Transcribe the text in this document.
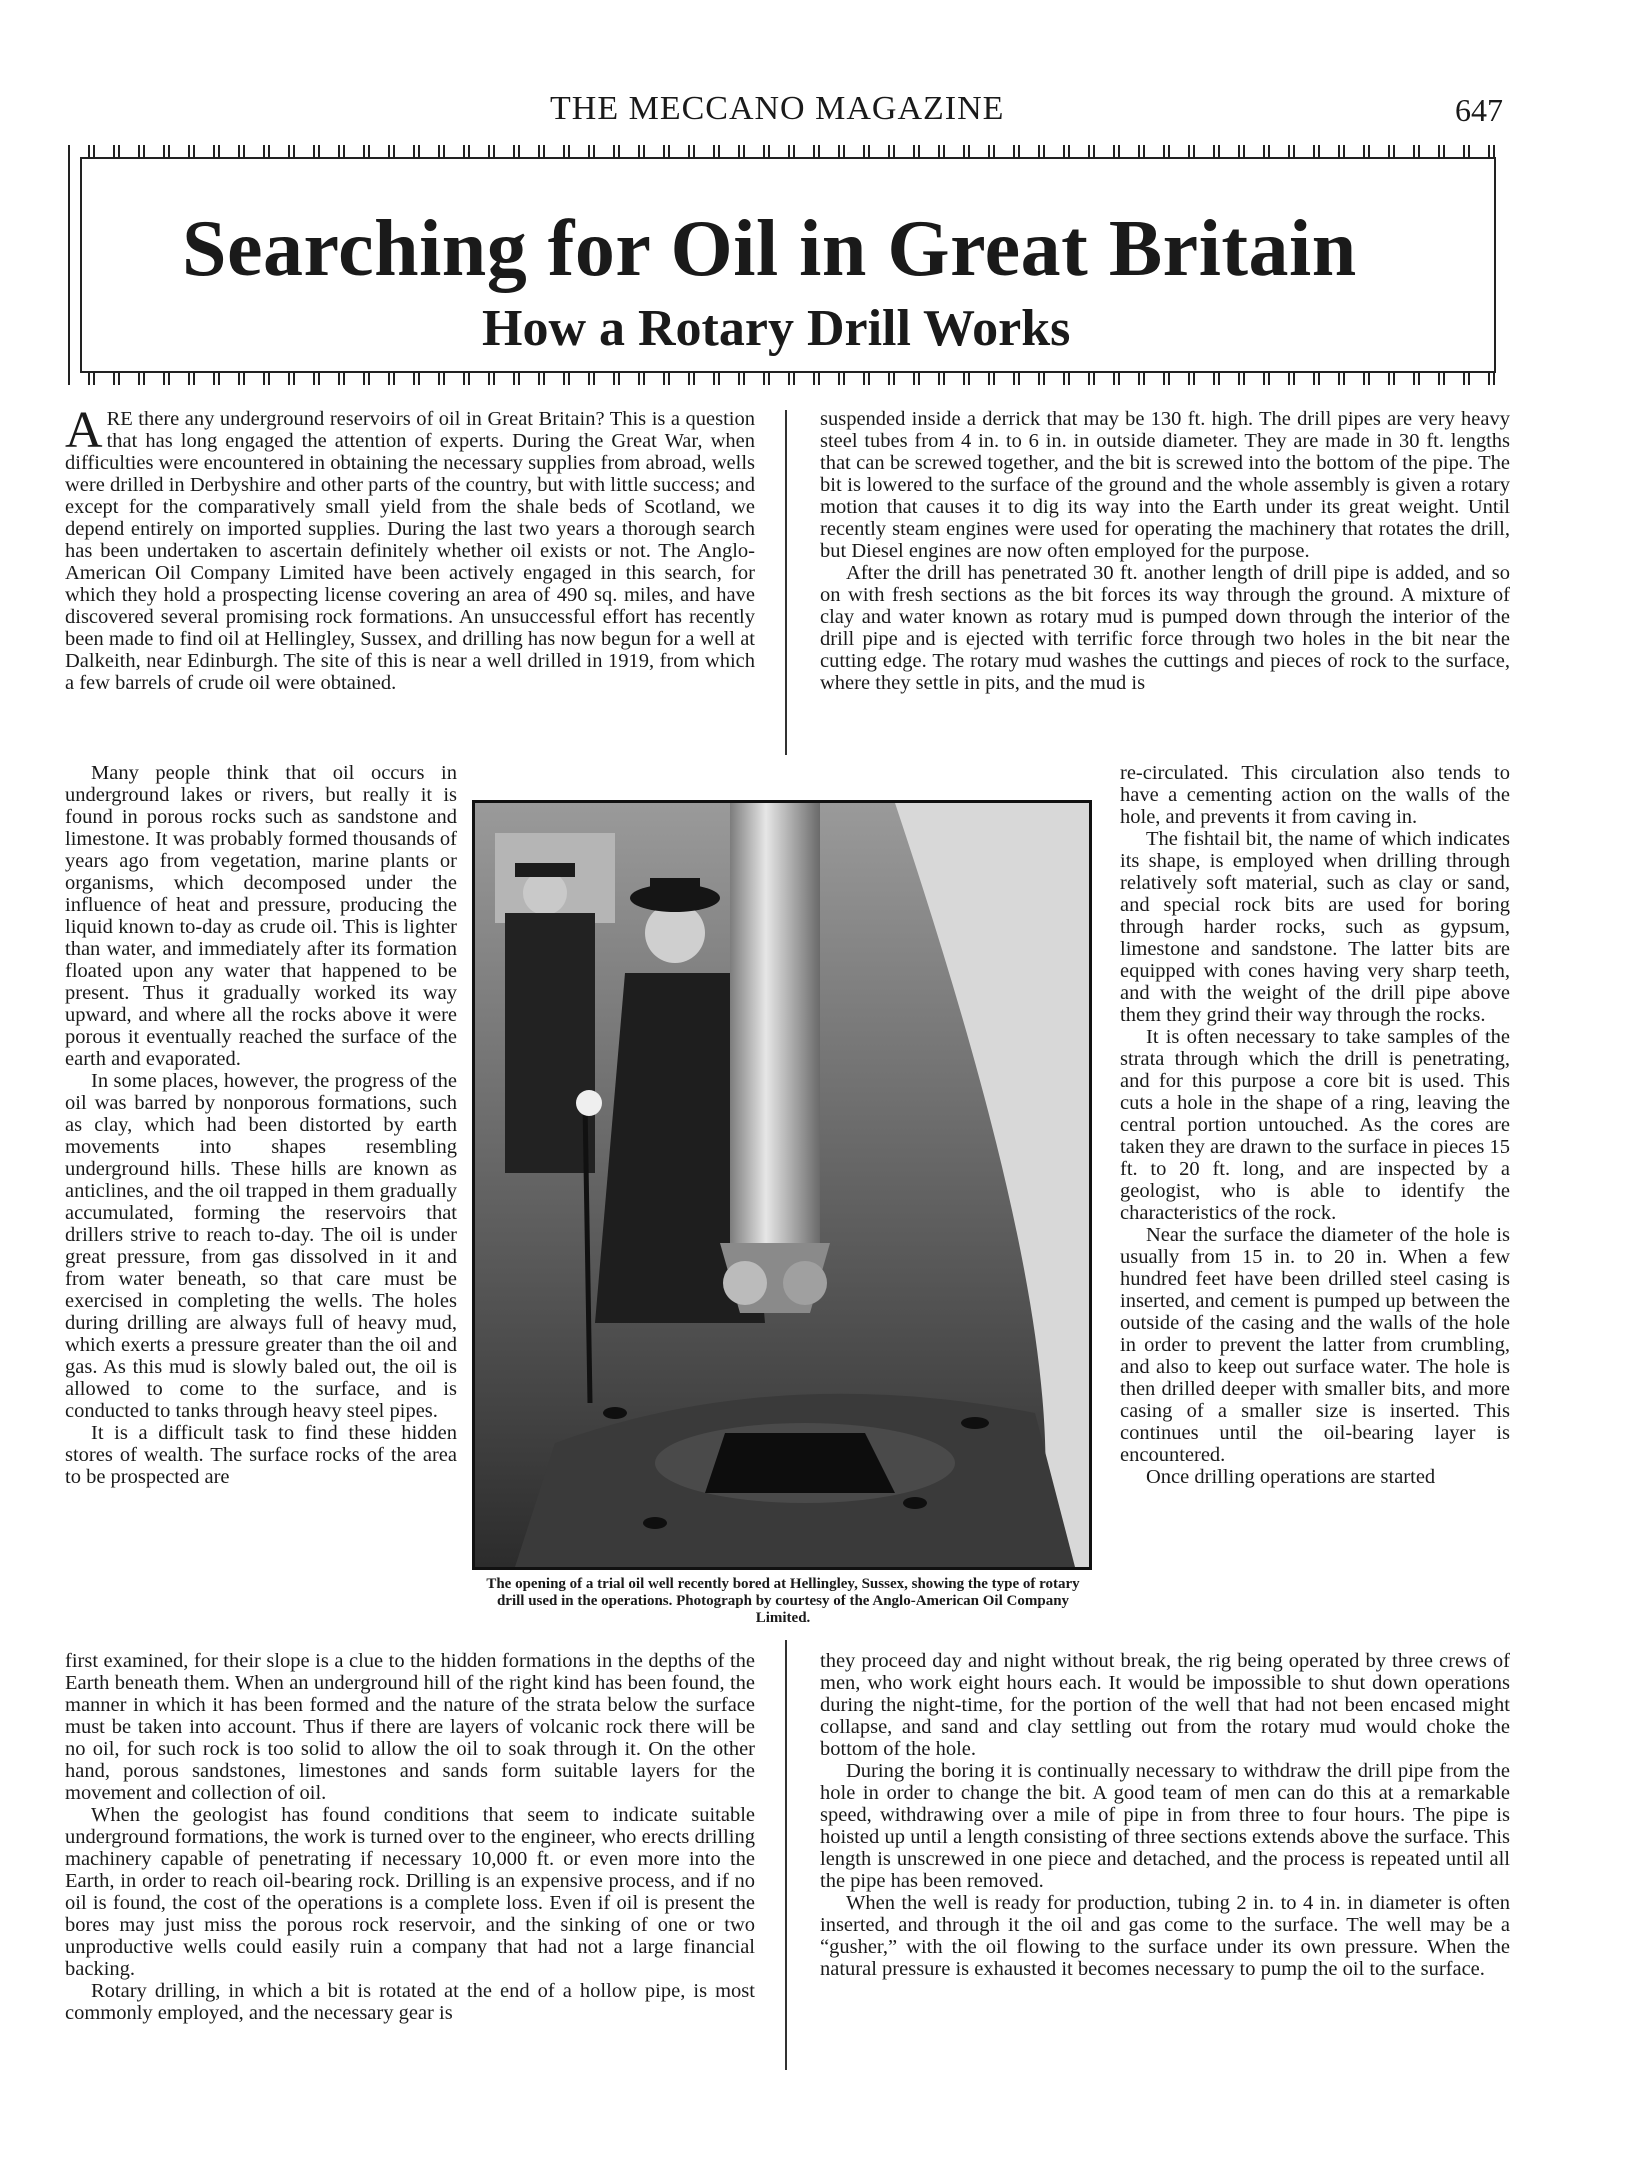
THE MECCANO MAGAZINE	647
Searching for Oil in Great Britain
How a Rotary Drill Works

ARE there any underground reservoirs of oil in Great Britain? This is a question that has long engaged the attention of experts. During the Great War, when difficulties were encountered in obtaining the necessary supplies from abroad, wells were drilled in Derbyshire and other parts of the country, but with little success; and except for the comparatively small yield from the shale beds of Scotland, we depend entirely on imported supplies. During the last two years a thorough search has been undertaken to ascertain definitely whether oil exists or not. The Anglo-American Oil Company Limited have been actively engaged in this search, for which they hold a prospecting license covering an area of 490 sq. miles, and have discovered several promising rock formations. An unsuccessful effort has recently been made to find oil at Hellingley, Sussex, and drilling has now begun for a well at Dalkeith, near Edinburgh. The site of this is near a well drilled in 1919, from which a few barrels of crude oil were obtained.

Many people think that oil occurs in underground lakes or rivers, but really it is found in porous rocks such as sandstone and limestone. It was probably formed thousands of years ago from vegetation, marine plants or organisms, which decomposed under the influence of heat and pressure, producing the liquid known to-day as crude oil. This is lighter than water, and immediately after its formation floated upon any water that happened to be present. Thus it gradually worked its way upward, and where all the rocks above it were porous it eventually reached the surface of the earth and evaporated.

In some places, however, the progress of the oil was barred by nonporous formations, such as clay, which had been distorted by earth movements into shapes resembling underground hills. These hills are known as anticlines, and the oil trapped in them gradually accumulated, forming the reservoirs that drillers strive to reach to-day. The oil is under great pressure, from gas dissolved in it and from water beneath, so that care must be exercised in completing the wells. The holes during drilling are always full of heavy mud, which exerts a pressure greater than the oil and gas. As this mud is slowly baled out, the oil is allowed to come to the surface, and is conducted to tanks through heavy steel pipes.

It is a difficult task to find these hidden stores of wealth. The surface rocks of the area to be prospected are

first examined, for their slope is a clue to the hidden formations in the depths of the Earth beneath them. When an underground hill of the right kind has been found, the manner in which it has been formed and the nature of the strata below the surface must be taken into account. Thus if there are layers of volcanic rock there will be no oil, for such rock is too solid to allow the oil to soak through it. On the other hand, porous sandstones, limestones and sands form suitable layers for the movement and collection of oil.

When the geologist has found conditions that seem to indicate suitable underground formations, the work is turned over to the engineer, who erects drilling machinery capable of penetrating if necessary 10,000 ft. or even more into the Earth, in order to reach oil-bearing rock. Drilling is an expensive process, and if no oil is found, the cost of the operations is a complete loss. Even if oil is present the bores may just miss the porous rock reservoir, and the sinking of one or two unproductive wells could easily ruin a company that had not a large financial backing.

Rotary drilling, in which a bit is rotated at the end of a hollow pipe, is most commonly employed, and the necessary gear is

suspended inside a derrick that may be 130 ft. high. The drill pipes are very heavy steel tubes from 4 in. to 6 in. in outside diameter. They are made in 30 ft. lengths that can be screwed together, and the bit is screwed into the bottom of the pipe. The bit is lowered to the surface of the ground and the whole assembly is given a rotary motion that causes it to dig its way into the Earth under its great weight. Until recently steam engines were used for operating the machinery that rotates the drill, but Diesel engines are now often employed for the purpose.

After the drill has penetrated 30 ft. another length of drill pipe is added, and so on with fresh sections as the bit forces its way through the ground. A mixture of clay and water known as rotary mud is pumped down through the interior of the drill pipe and is ejected with terrific force through two holes in the bit near the cutting edge. The rotary mud washes the cuttings and pieces of rock to the surface, where they settle in pits, and the mud is

re-circulated. This circulation also tends to have a cementing action on the walls of the hole, and prevents it from caving in.

The fishtail bit, the name of which indicates its shape, is employed when drilling through relatively soft material, such as clay or sand, and special rock bits are used for boring through harder rocks, such as gypsum, limestone and sandstone. The latter bits are equipped with cones having very sharp teeth, and with the weight of the drill pipe above them they grind their way through the rocks.

It is often necessary to take samples of the strata through which the drill is penetrating, and for this purpose a core bit is used. This cuts a hole in the shape of a ring, leaving the central portion untouched. As the cores are taken they are drawn to the surface in pieces 15 ft. to 20 ft. long, and are inspected by a geologist, who is able to identify the characteristics of the rock.

Near the surface the diameter of the hole is usually from 15 in. to 20 in. When a few hundred feet have been drilled steel casing is inserted, and cement is pumped up between the outside of the casing and the walls of the hole in order to prevent the latter from crumbling, and also to keep out surface water. The hole is then drilled deeper with smaller bits, and more casing of a smaller size is inserted. This continues until the oil-bearing layer is encountered.

Once drilling operations are started

they proceed day and night without break, the rig being operated by three crews of men, who work eight hours each. It would be impossible to shut down operations during the night-time, for the portion of the well that had not been encased might collapse, and sand and clay settling out from the rotary mud would choke the bottom of the hole.

During the boring it is continually necessary to withdraw the drill pipe from the hole in order to change the bit. A good team of men can do this at a remarkable speed, withdrawing over a mile of pipe in from three to four hours. The pipe is hoisted up until a length consisting of three sections extends above the surface. This length is unscrewed in one piece and detached, and the process is repeated until all the pipe has been removed.

When the well is ready for production, tubing 2 in. to 4 in. in diameter is often inserted, and through it the oil and gas come to the surface. The well may be a “gusher,” with the oil flowing to the surface under its own pressure. When the natural pressure is exhausted it becomes necessary to pump the oil to the surface.

The opening of a trial oil well recently bored at Hellingley, Sussex, showing the type of rotary drill used in the operations. Photograph by courtesy of the Anglo-American Oil Company Limited.
